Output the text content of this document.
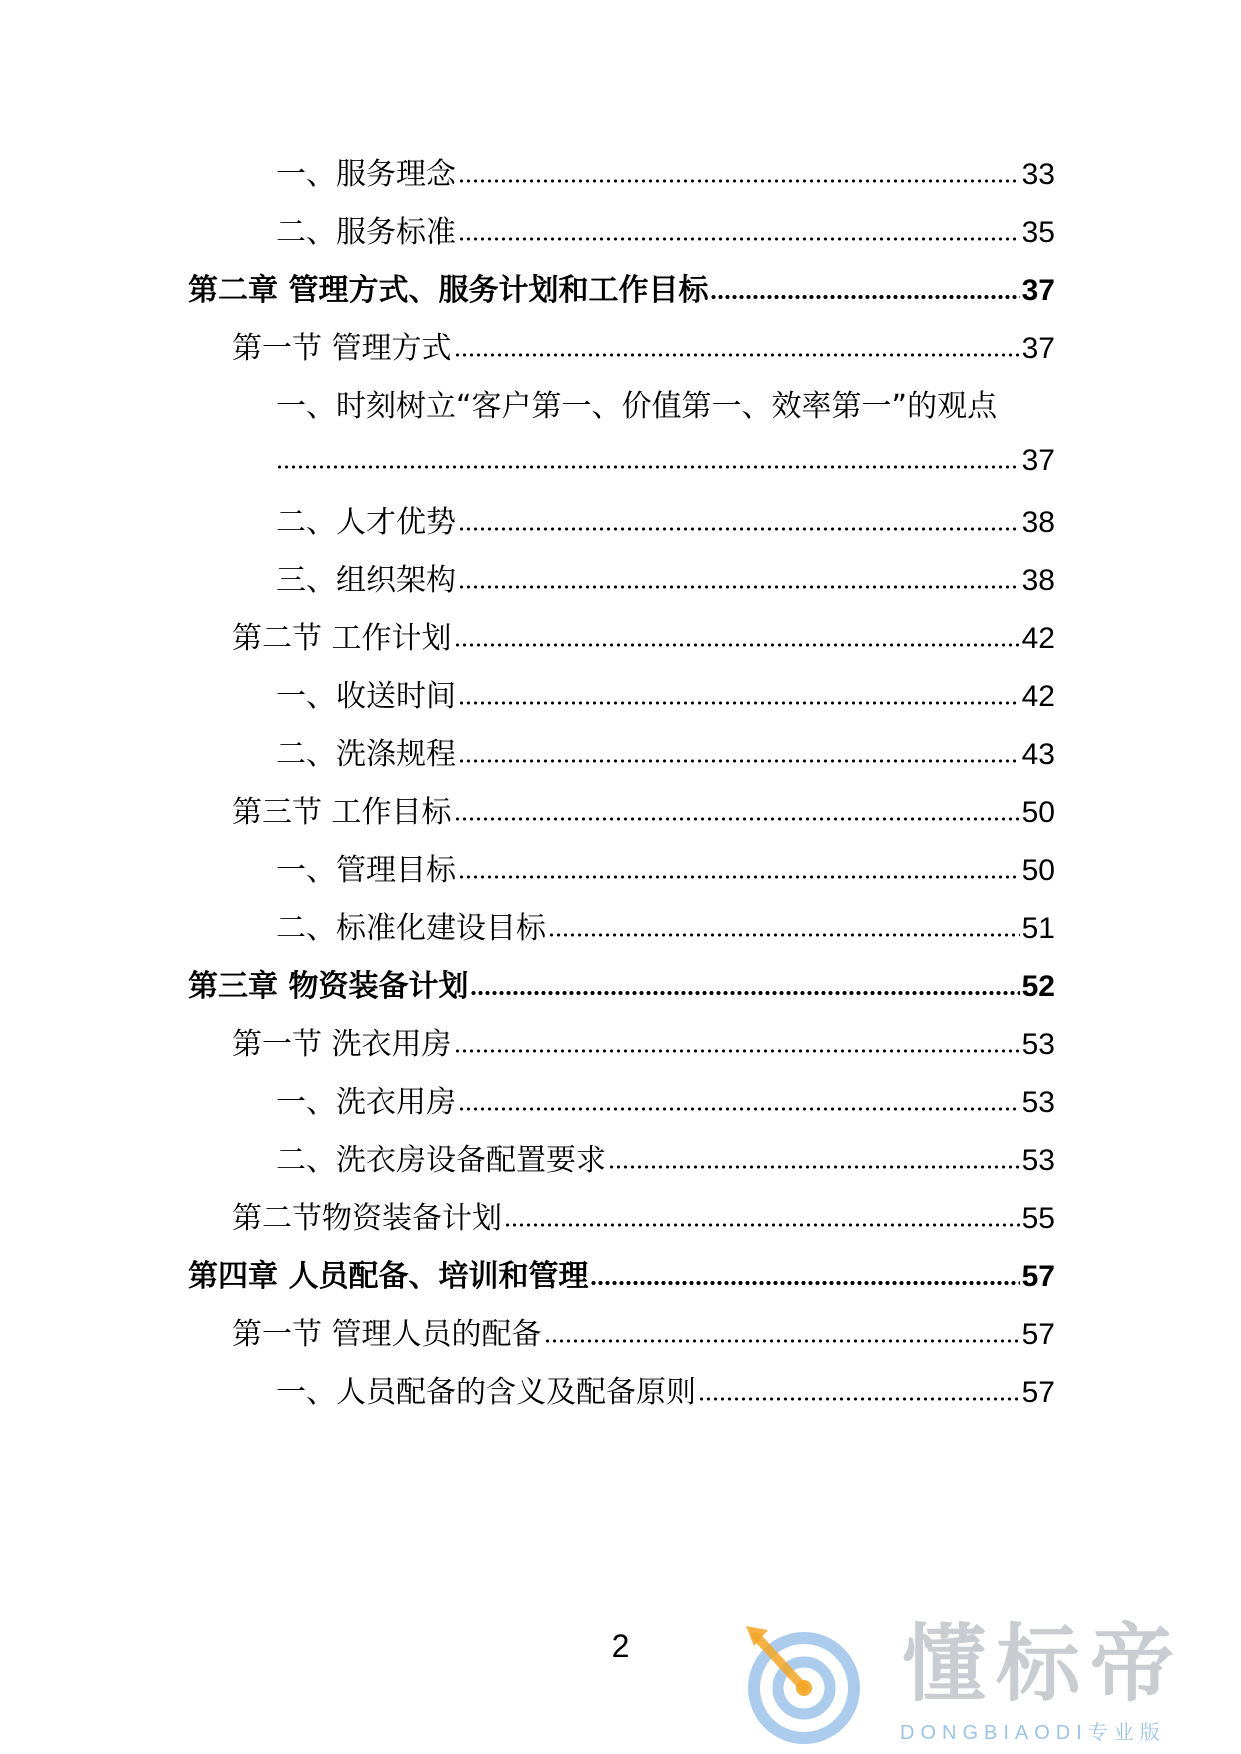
一、服务理念	33
二、服务标准	35
第二章 管理方式、服务计划和工作目标	37
第一节 管理方式	37
一、时刻树立“客户第一、价值第一、效率第一”的观点
37
二、人才优势	38
三、组织架构	38
第二节 工作计划	42
一、收送时间	42
二、洗涤规程	43
第三节 工作目标	50
一、管理目标	50
二、标准化建设目标	51
第三章 物资装备计划	52
第一节 洗衣用房	53
一、洗衣用房	53
二、洗衣房设备配置要求	53
第二节物资装备计划	55
第四章 人员配备、培训和管理	57
第一节 管理人员的配备	57
一、人员配备的含义及配备原则	57
2	懂标帝
DONGBIAODI专业版
